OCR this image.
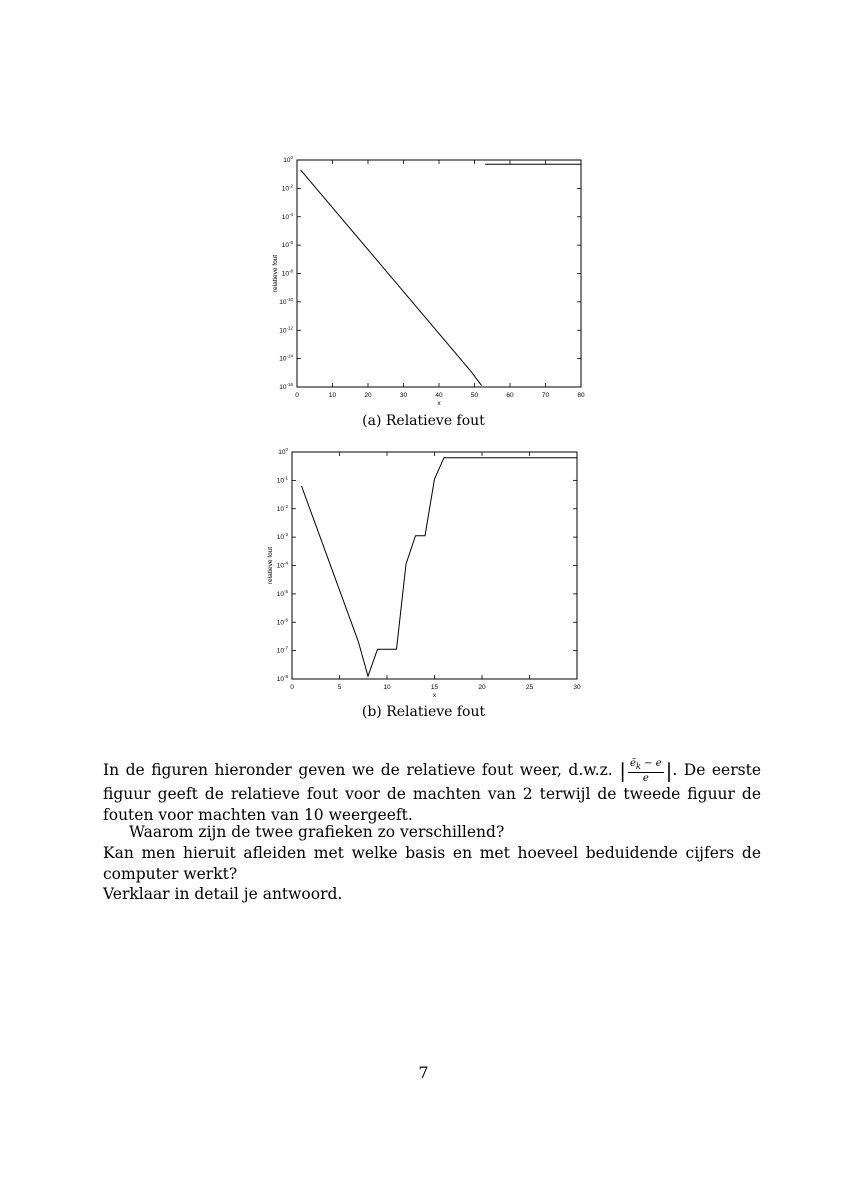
0	10	20	30	40	50	60	70	80
$10^0$
$10^{-2}$
$10^{-4}$
$10^{-6}$
$10^{-8}$
$10^{-10}$
$10^{-12}$
$10^{-14}$
$10^{-16}$
x
relatieve fout
(a) Relatieve fout
0	5	10	15	20	25	30
$10^0$
$10^{-1}$
$10^{-2}$
$10^{-3}$
$10^{-4}$
$10^{-5}$
$10^{-6}$
$10^{-7}$
$10^{-8}$
x
relatieve fout
(b) Relatieve fout
In de figuren hieronder geven we de relatieve fout weer, d.w.z. | $\frac{ẽ_k - e}{e}$ |. De eerste figuur geeft de relatieve fout voor de machten van 2 terwijl de tweede figuur de fouten voor machten van 10 weergeeft.
Waarom zijn de twee grafieken zo verschillend?
Kan men hieruit afleiden met welke basis en met hoeveel beduidende cijfers de computer werkt?
Verklaar in detail je antwoord.
7
